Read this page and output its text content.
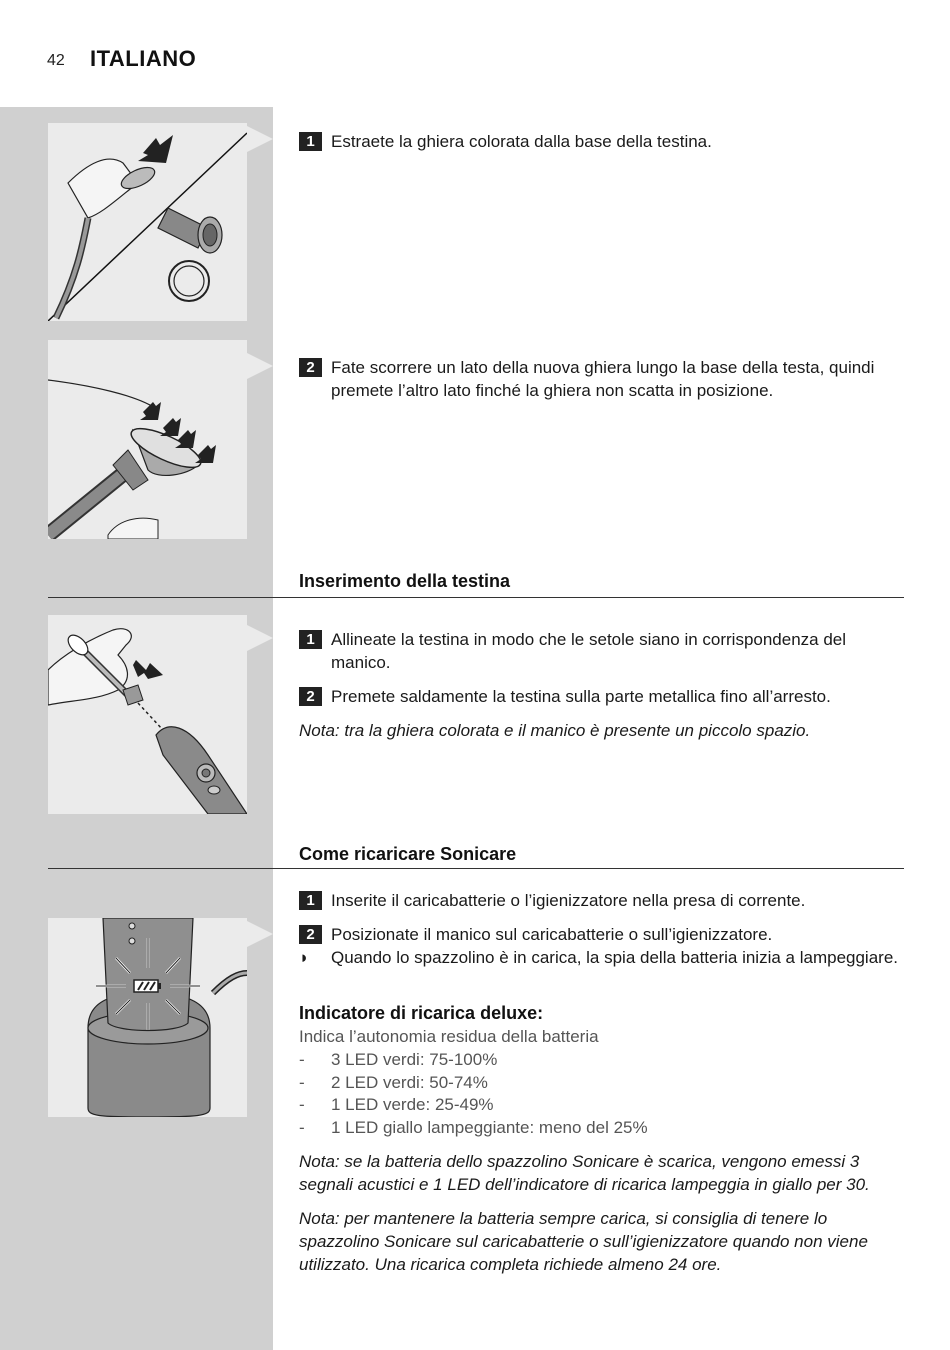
42 ITALIANO
1 Estraete la ghiera colorata dalla base della testina.
2 Fate scorrere un lato della nuova ghiera lungo la base della testa, quindi premete l’altro lato finché la ghiera non scatta in posizione.
Inserimento della testina
1 Allineate la testina in modo che le setole siano in corrispondenza del manico.
2 Premete saldamente la testina sulla parte metallica fino all’arresto.
Nota: tra la ghiera colorata e il manico è presente un piccolo spazio.
Come ricaricare Sonicare
1 Inserite il caricabatterie o l’igienizzatore nella presa di corrente.
2 Posizionate il manico sul caricabatterie o sull’igienizzatore.
◗ Quando lo spazzolino è in carica, la spia della batteria inizia a lampeggiare.
Indicatore di ricarica deluxe:
Indica l’autonomia residua della batteria
- 3 LED verdi: 75-100%
- 2 LED verdi: 50-74%
- 1 LED verde: 25-49%
- 1 LED giallo lampeggiante: meno del 25%
Nota: se la batteria dello spazzolino Sonicare è scarica, vengono emessi 3 segnali acustici e 1 LED dell’indicatore di ricarica lampeggia in giallo per 30.
Nota: per mantenere la batteria sempre carica, si consiglia di tenere lo spazzolino Sonicare sul caricabatterie o sull’igienizzatore quando non viene utilizzato. Una ricarica completa richiede almeno 24 ore.
